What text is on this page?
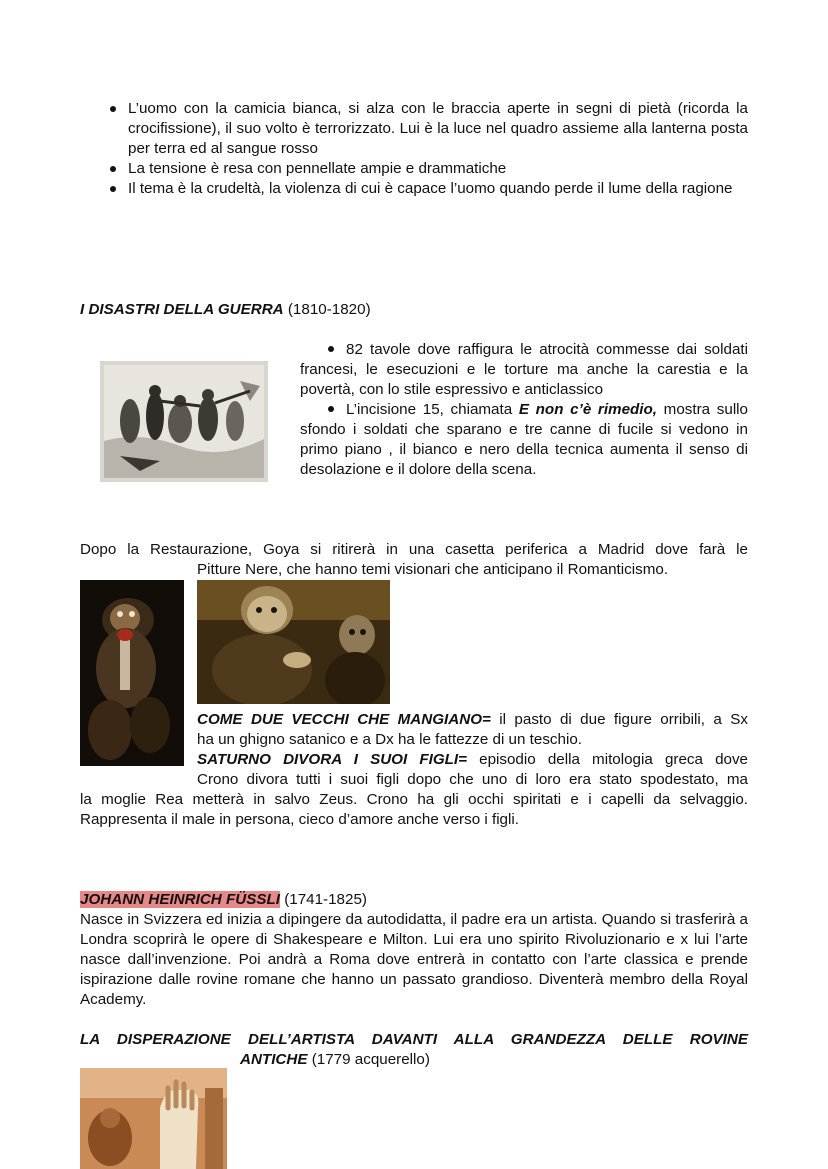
L’uomo con la camicia bianca, si alza con le braccia aperte in segni di pietà (ricorda la crocifissione), il suo volto è terrorizzato. Lui è la luce nel quadro assieme alla lanterna posta per terra ed al sangue rosso
La tensione è resa con pennellate ampie e drammatiche
Il tema è la crudeltà, la violenza di cui è capace l’uomo quando perde il lume della ragione
I DISASTRI DELLA GUERRA (1810-1820)
82 tavole dove raffigura le atrocità commesse dai soldati francesi, le esecuzioni e le torture ma anche la carestia e la povertà, con lo stile espressivo e anticlassico
L’incisione 15, chiamata E non c’è rimedio, mostra sullo sfondo i soldati che sparano e tre canne di fucile si vedono in primo piano , il bianco e nero della tecnica aumenta il senso di desolazione e il dolore della scena.
Dopo la Restaurazione, Goya si ritirerà in una casetta periferica a Madrid dove farà le
Pitture Nere, che hanno temi visionari che anticipano il Romanticismo.
COME DUE VECCHI CHE MANGIANO= il pasto di due figure orribili, a Sx
ha un ghigno satanico e a Dx ha le fattezze di un teschio.
SATURNO DIVORA I SUOI FIGLI= episodio della mitologia greca dove
Crono divora tutti i suoi figli dopo che uno di loro era stato spodestato, ma
la moglie Rea metterà in salvo Zeus. Crono ha gli occhi spiritati e i capelli da selvaggio.
Rappresenta il male in persona, cieco d’amore anche verso i figli.
JOHANN HEINRICH FÜSSLI (1741-1825)
Nasce in Svizzera ed inizia a dipingere da autodidatta, il padre era un artista. Quando si trasferirà a Londra scoprirà le opere di Shakespeare e Milton. Lui era uno spirito Rivoluzionario e x lui l’arte nasce dall’invenzione. Poi andrà a Roma dove entrerà in contatto con l’arte classica e prende ispirazione dalle rovine romane che hanno un passato grandioso. Diventerà membro della Royal Academy.
LA DISPERAZIONE DELL’ARTISTA DAVANTI ALLA GRANDEZZA DELLE ROVINE
ANTICHE (1779 acquerello)
